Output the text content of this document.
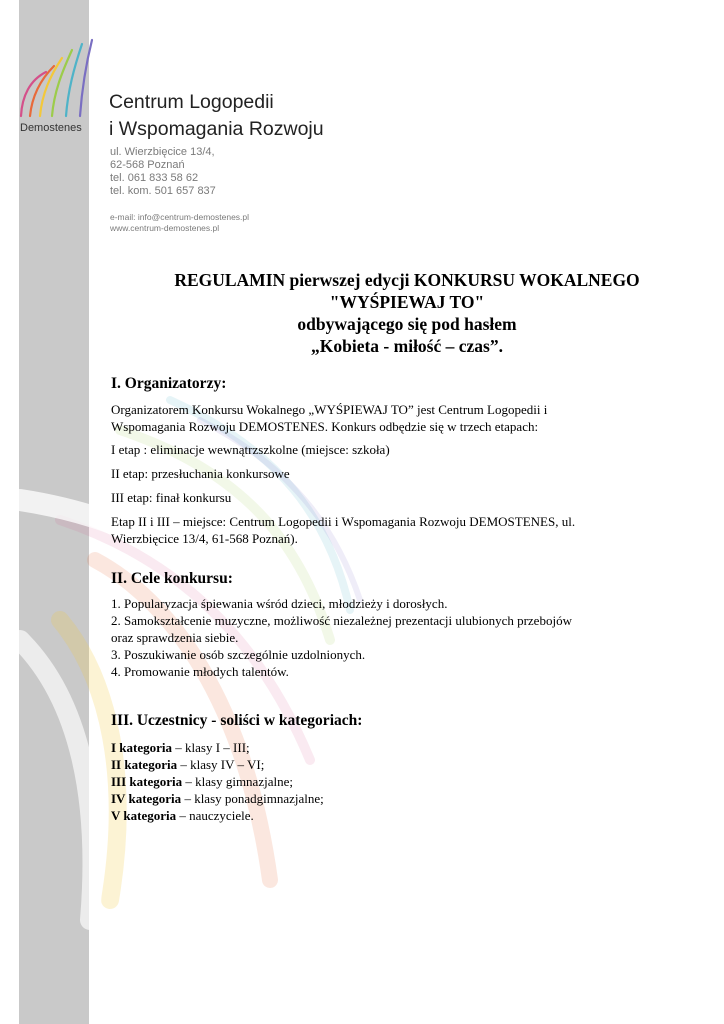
Demostenes
Centrum Logopedii
i Wspomagania Rozwoju
ul. Wierzbięcice 13/4,
62-568 Poznań
tel. 061 833 58 62
tel. kom. 501 657 837
e-mail: info@centrum-demostenes.pl
www.centrum-demostenes.pl
REGULAMIN pierwszej edycji KONKURSU WOKALNEGO
"WYŚPIEWAJ TO"
odbywającego się pod hasłem
„Kobieta - miłość – czas”.
I. Organizatorzy:
Organizatorem Konkursu Wokalnego „WYŚPIEWAJ TO” jest Centrum Logopedii i
Wspomagania Rozwoju DEMOSTENES. Konkurs odbędzie się w trzech etapach:
I etap : eliminacje wewnątrzszkolne (miejsce: szkoła)
II etap: przesłuchania konkursowe
III etap: finał konkursu
Etap II i III – miejsce: Centrum Logopedii i Wspomagania Rozwoju DEMOSTENES, ul.
Wierzbięcice 13/4, 61-568 Poznań).
II. Cele konkursu:
1. Popularyzacja śpiewania wśród dzieci, młodzieży i dorosłych.
2. Samokształcenie muzyczne, możliwość niezależnej prezentacji ulubionych przebojów
oraz sprawdzenia siebie.
3. Poszukiwanie osób szczególnie uzdolnionych.
4. Promowanie młodych talentów.
III. Uczestnicy - soliści w kategoriach:
I kategoria – klasy I – III;
II kategoria – klasy IV – VI;
III kategoria – klasy gimnazjalne;
IV kategoria – klasy ponadgimnazjalne;
V kategoria – nauczyciele.
